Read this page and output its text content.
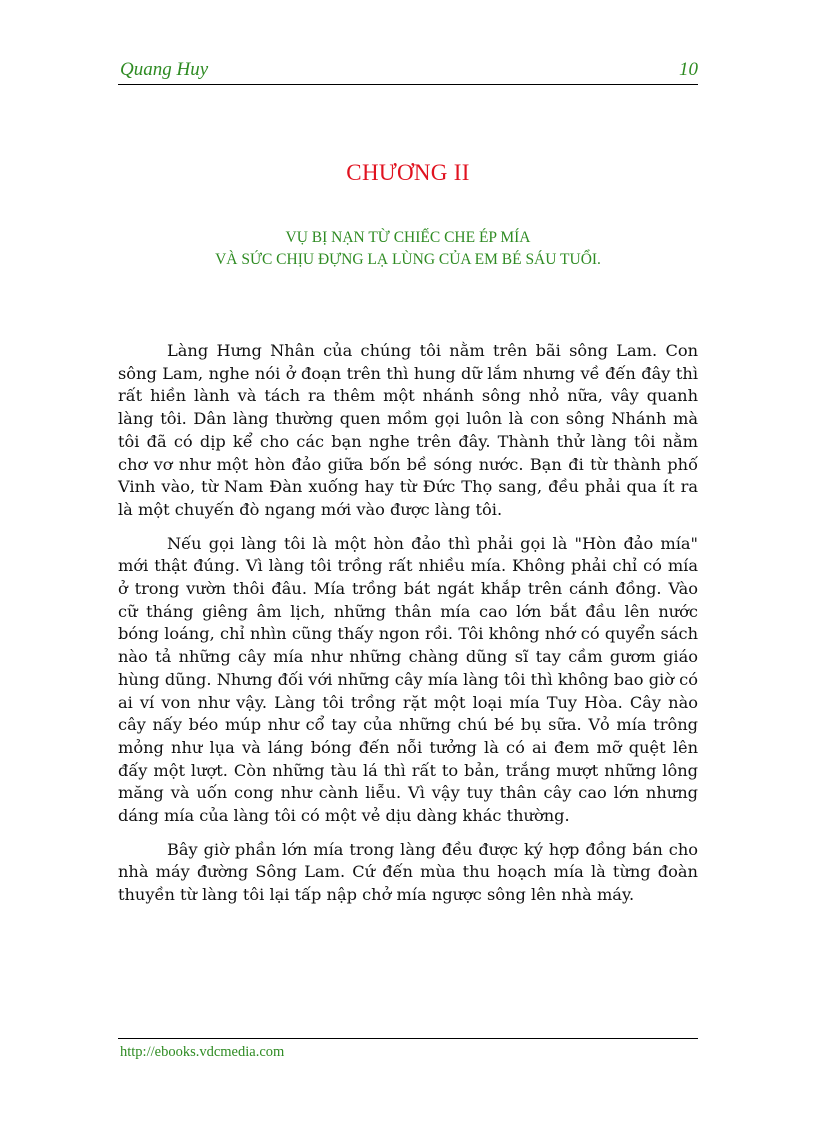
Quang Huy	10
CHƯƠNG II
VỤ BỊ NẠN TỪ CHIẾC CHE ÉP MÍA
VÀ SỨC CHỊU ĐỰNG LẠ LÙNG CỦA EM BÉ SÁU TUỔI.

Làng Hưng Nhân của chúng tôi nằm trên bãi sông Lam. Con sông Lam, nghe nói ở đoạn trên thì hung dữ lắm nhưng về đến đây thì rất hiền lành và tách ra thêm một nhánh sông nhỏ nữa, vây quanh làng tôi. Dân làng thường quen mồm gọi luôn là con sông Nhánh mà tôi đã có dịp kể cho các bạn nghe trên đây. Thành thử làng tôi nằm chơ vơ như một hòn đảo giữa bốn bề sóng nước. Bạn đi từ thành phố Vinh vào, từ Nam Đàn xuống hay từ Đức Thọ sang, đều phải qua ít ra là một chuyến đò ngang mới vào được làng tôi.

Nếu gọi làng tôi là một hòn đảo thì phải gọi là "Hòn đảo mía" mới thật đúng. Vì làng tôi trồng rất nhiều mía. Không phải chỉ có mía ở trong vườn thôi đâu. Mía trồng bát ngát khắp trên cánh đồng. Vào cữ tháng giêng âm lịch, những thân mía cao lớn bắt đầu lên nước bóng loáng, chỉ nhìn cũng thấy ngon rồi. Tôi không nhớ có quyển sách nào tả những cây mía như những chàng dũng sĩ tay cầm gươm giáo hùng dũng. Nhưng đối với những cây mía làng tôi thì không bao giờ có ai ví von như vậy. Làng tôi trồng rặt một loại mía Tuy Hòa. Cây nào cây nấy béo múp như cổ tay của những chú bé bụ sữa. Vỏ mía trông mỏng như lụa và láng bóng đến nỗi tưởng là có ai đem mỡ quệt lên đấy một lượt. Còn những tàu lá thì rất to bản, trắng mượt những lông măng và uốn cong như cành liễu. Vì vậy tuy thân cây cao lớn nhưng dáng mía của làng tôi có một vẻ dịu dàng khác thường.

Bây giờ phần lớn mía trong làng đều được ký hợp đồng bán cho nhà máy đường Sông Lam. Cứ đến mùa thu hoạch mía là từng đoàn thuyền từ làng tôi lại tấp nập chở mía ngược sông lên nhà máy.

http://ebooks.vdcmedia.com
